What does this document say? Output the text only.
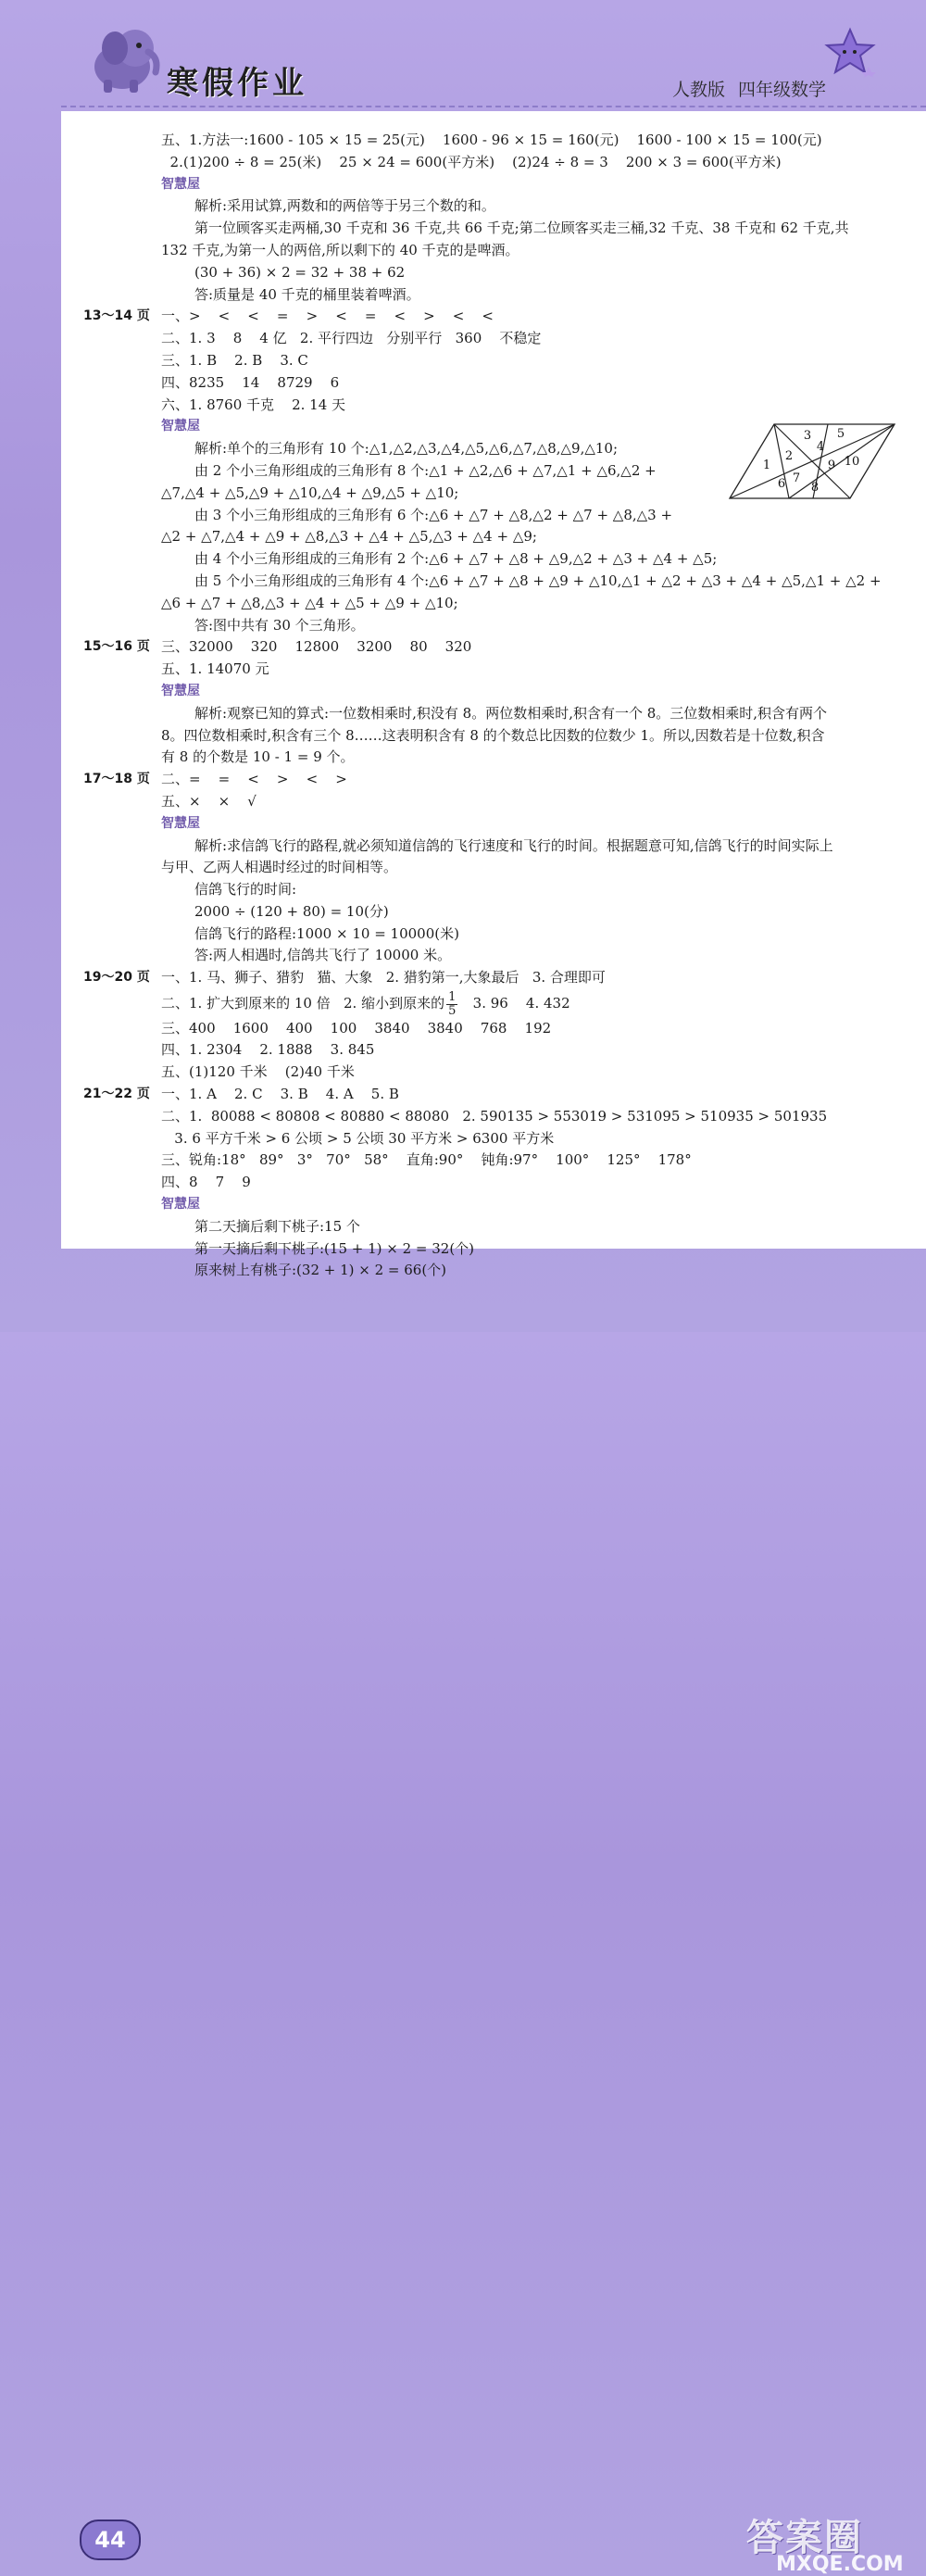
寒假作业	人教版 四年级数学
五、1.方法一:1600 - 105 × 15 = 25(元)    1600 - 96 × 15 = 160(元)    1600 - 100 × 15 = 100(元)
2.(1)200 ÷ 8 = 25(米)    25 × 24 = 600(平方米)    (2)24 ÷ 8 = 3    200 × 3 = 600(平方米)
智慧屋
解析:采用试算,两数和的两倍等于另三个数的和。
第一位顾客买走两桶,30 千克和 36 千克,共 66 千克;第二位顾客买走三桶,32 千克、38 千克和 62 千克,共
132 千克,为第一人的两倍,所以剩下的 40 千克的是啤酒。
(30 + 36) × 2 = 32 + 38 + 62
答:质量是 40 千克的桶里装着啤酒。
13～14 页 一、>    <    <    =    >    <    =    <    >    <    <
二、1. 3    8    4 亿   2. 平行四边   分别平行   360    不稳定
三、1. B    2. B    3. C
四、8235    14    8729    6
六、1. 8760 千克    2. 14 天
智慧屋
解析:单个的三角形有 10 个:△1,△2,△3,△4,△5,△6,△7,△8,△9,△10;
由 2 个小三角形组成的三角形有 8 个:△1 + △2,△6 + △7,△1 + △6,△2 +
△7,△4 + △5,△9 + △10,△4 + △9,△5 + △10;
由 3 个小三角形组成的三角形有 6 个:△6 + △7 + △8,△2 + △7 + △8,△3 +
△2 + △7,△4 + △9 + △8,△3 + △4 + △5,△3 + △4 + △9;
由 4 个小三角形组成的三角形有 2 个:△6 + △7 + △8 + △9,△2 + △3 + △4 + △5;
由 5 个小三角形组成的三角形有 4 个:△6 + △7 + △8 + △9 + △10,△1 + △2 + △3 + △4 + △5,△1 + △2 +
△6 + △7 + △8,△3 + △4 + △5 + △9 + △10;
答:图中共有 30 个三角形。
15～16 页 三、32000    320    12800    3200    80    320
五、1. 14070 元
智慧屋
解析:观察已知的算式:一位数相乘时,积没有 8。两位数相乘时,积含有一个 8。三位数相乘时,积含有两个
8。四位数相乘时,积含有三个 8……这表明积含有 8 的个数总比因数的位数少 1。所以,因数若是十位数,积含
有 8 的个数是 10 - 1 = 9 个。
17～18 页 二、=    =    <    >    <    >
五、×    ×    √
智慧屋
解析:求信鸽飞行的路程,就必须知道信鸽的飞行速度和飞行的时间。根据题意可知,信鸽飞行的时间实际上
与甲、乙两人相遇时经过的时间相等。
信鸽飞行的时间:
2000 ÷ (120 + 80) = 10(分)
信鸽飞行的路程:1000 × 10 = 10000(米)
答:两人相遇时,信鸽共飞行了 10000 米。
19～20 页 一、1. 马、狮子、猎豹   猫、大象   2. 猎豹第一,大象最后   3. 合理即可
二、1. 扩大到原来的 10 倍   2. 缩小到原来的 $\frac{1}{5} 3$. 96    4. 432
三、400    1600    400    100    3840    3840    768    192
四、1. 2304    2. 1888    3. 845
五、(1)120 千米    (2)40 千米
21～22 页 一、1. A    2. C    3. B    4. A    5. B
二、1.  80088 < 80808 < 80880 < 88080   2. 590135 > 553019 > 531095 > 510935 > 501935
3. 6 平方千米 > 6 公顷 > 5 公顷 30 平方米 > 6300 平方米
三、锐角:18°   89°   3°   70°   58°    直角:90°    钝角:97°    100°    125°    178°
四、8    7    9
智慧屋
第二天摘后剩下桃子:15 个
第一天摘后剩下桃子:(15 + 1) × 2 = 32(个)
原来树上有桃子:(32 + 1) × 2 = 66(个)
1
2
3
4
5
6 7
8
9 10
44	答案圈
MXQE.COM
